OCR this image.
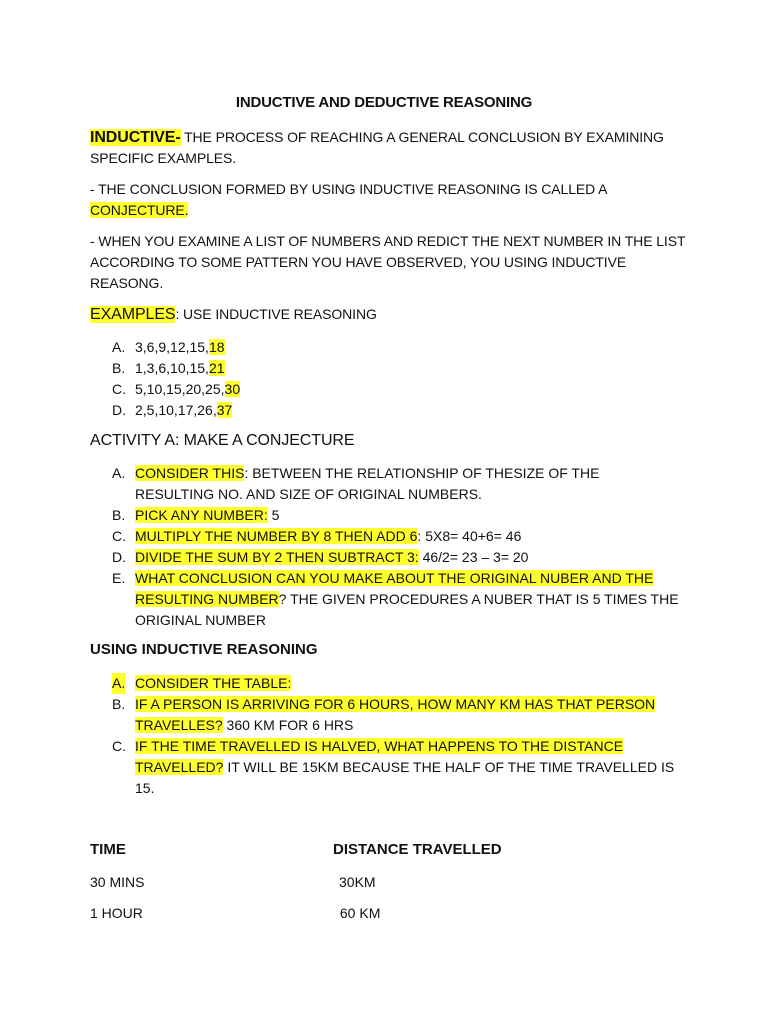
INDUCTIVE AND DEDUCTIVE REASONING
INDUCTIVE- THE PROCESS OF REACHING A GENERAL CONCLUSION BY EXAMINING SPECIFIC EXAMPLES.
- THE CONCLUSION FORMED BY USING INDUCTIVE REASONING IS CALLED A CONJECTURE.
- WHEN YOU EXAMINE A LIST OF NUMBERS AND REDICT THE NEXT NUMBER IN THE LIST ACCORDING TO SOME PATTERN YOU HAVE OBSERVED, YOU USING INDUCTIVE REASONG.
EXAMPLES: USE INDUCTIVE REASONING
A. 3,6,9,12,15,18
B. 1,3,6,10,15,21
C. 5,10,15,20,25,30
D. 2,5,10,17,26,37
ACTIVITY A: MAKE A CONJECTURE
A. CONSIDER THIS: BETWEEN THE RELATIONSHIP OF THESIZE OF THE RESULTING NO. AND SIZE OF ORIGINAL NUMBERS.
B. PICK ANY NUMBER: 5
C. MULTIPLY THE NUMBER BY 8 THEN ADD 6: 5X8= 40+6= 46
D. DIVIDE THE SUM BY 2 THEN SUBTRACT 3: 46/2= 23 – 3= 20
E. WHAT CONCLUSION CAN YOU MAKE ABOUT THE ORIGINAL NUBER AND THE RESULTING NUMBER? THE GIVEN PROCEDURES A NUBER THAT IS 5 TIMES THE ORIGINAL NUMBER
USING INDUCTIVE REASONING
A. CONSIDER THE TABLE:
B. IF A PERSON IS ARRIVING FOR 6 HOURS, HOW MANY KM HAS THAT PERSON TRAVELLES? 360 KM FOR 6 HRS
C. IF THE TIME TRAVELLED IS HALVED, WHAT HAPPENS TO THE DISTANCE TRAVELLED? IT WILL BE 15KM BECAUSE THE HALF OF THE TIME TRAVELLED IS 15.
TIME	DISTANCE TRAVELLED
30 MINS	30KM
1 HOUR	60 KM
